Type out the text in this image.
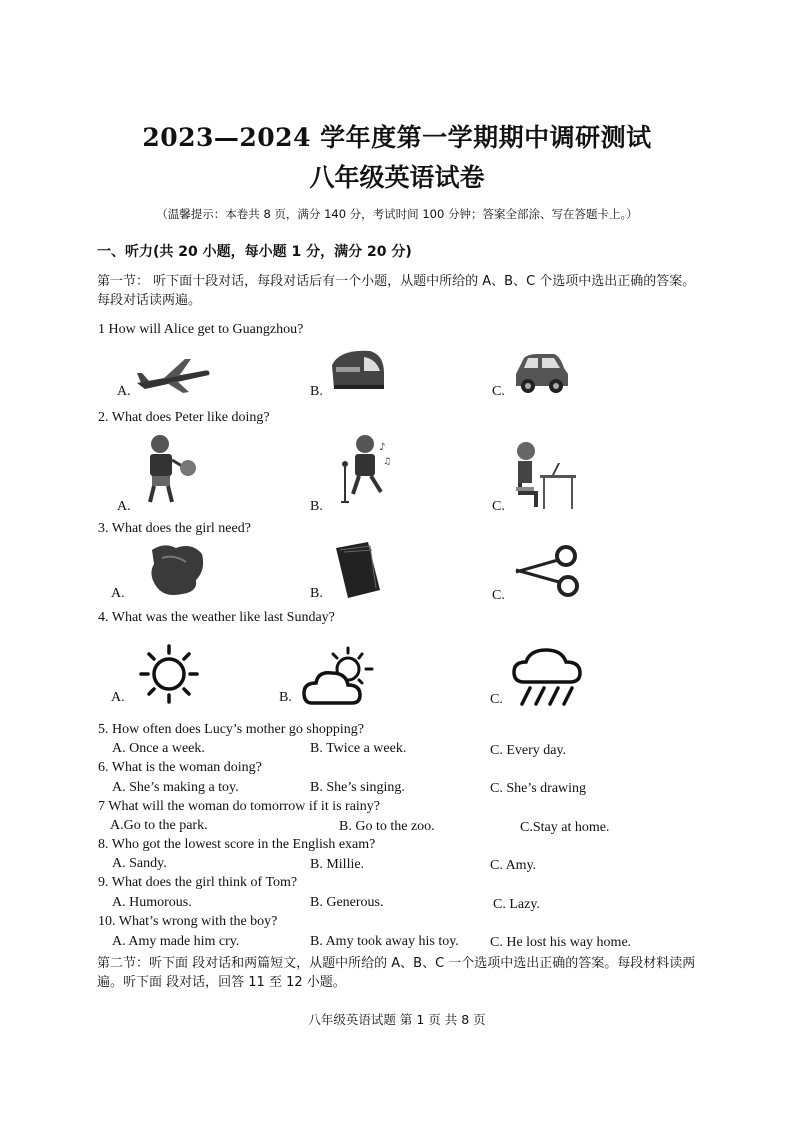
2023—2024 学年度第一学期期中调研测试
八年级英语试卷
（温馨提示：本卷共 8 页，满分 140 分，考试时间 100 分钟；答案全部涂、写在答题卡上。）
一、听力(共 20 小题，每小题 1 分，满分 20 分)
第一节： 听下面十段对话，每段对话后有一个小题，从题中所给的 A、B、C 个选项中选出正确的答案。每段对话读两遍。
1 How will Alice get to Guangzhou?
A.	B.	C.
2. What does Peter like doing?
A.	B.	C.
♪
♫
3. What does the girl need?
A.	B.	C.
4. What was the weather like last Sunday?
A.	B.	C.
5. How often does Lucy’s mother go shopping?
A. Once a week.	B. Twice a week.	C. Every day.
6. What is the woman doing?
A. She’s making a toy.	B. She’s singing.	C. She’s drawing
7 What will the woman do tomorrow if it is rainy?
A.Go to the park.	B. Go to the zoo.	C.Stay at home.
8. Who got the lowest score in the English exam?
A. Sandy.	B. Millie.	C. Amy.
9. What does the girl think of Tom?
A. Humorous.	B. Generous.	C. Lazy.
10. What’s wrong with the boy?
A. Amy made him cry.	B. Amy took away his toy. C. He lost his way home.
第二节：听下面 段对话和两篇短文，从题中所给的 A、B、C 一个选项中选出正确的答案。每段材料读两遍。听下面 段对话，回答 11 至 12 小题。
八年级英语试题 第 1 页 共 8 页
